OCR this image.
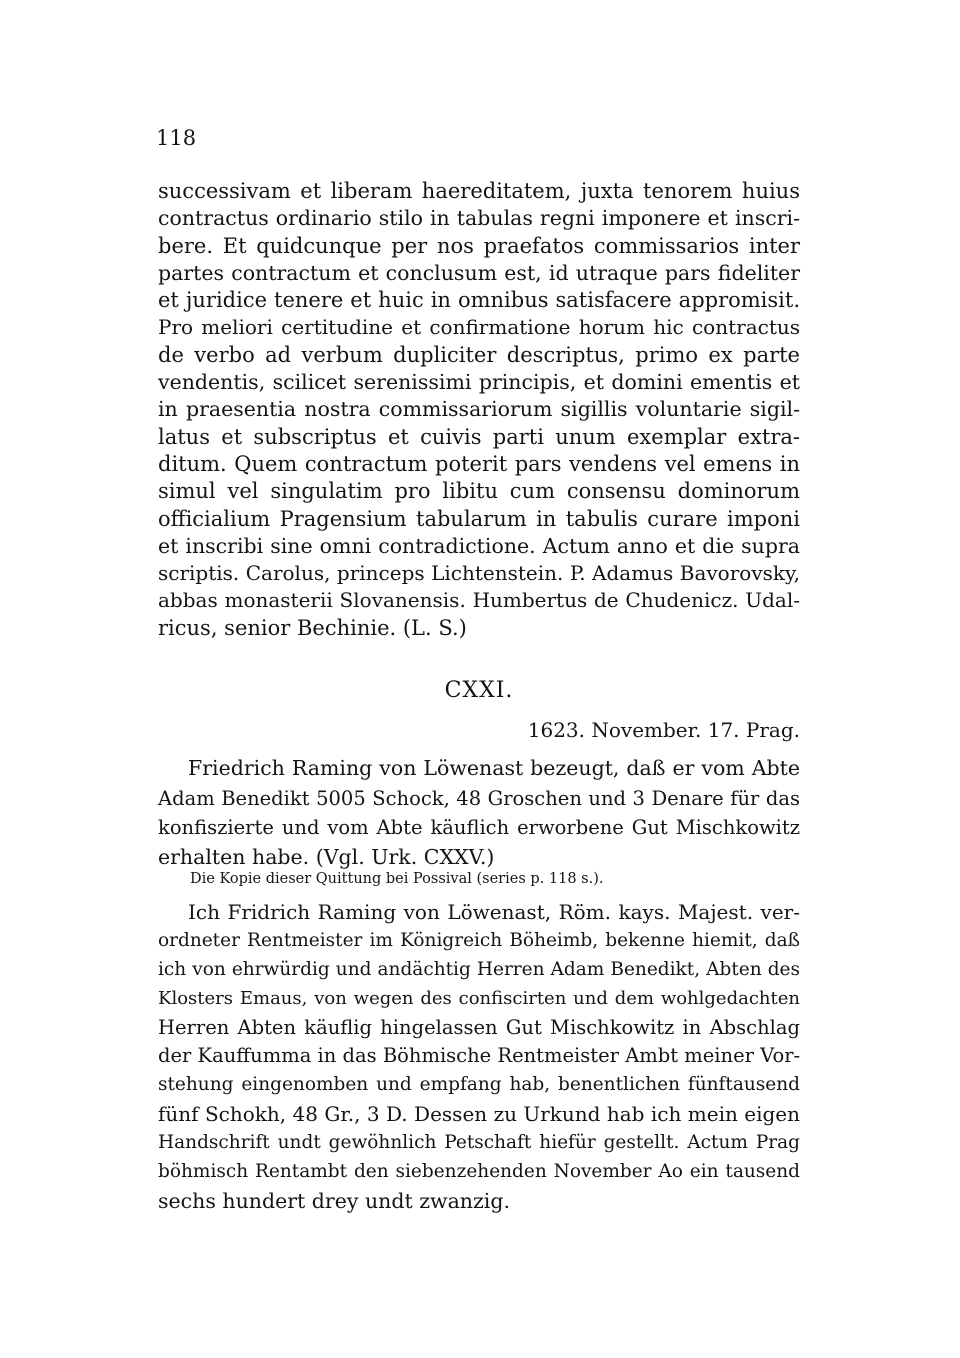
118
successivam et liberam haereditatem, juxta tenorem huius
contractus ordinario stilo in tabulas regni imponere et inscri-
bere. Et quidcunque per nos praefatos commissarios inter
partes contractum et conclusum est, id utraque pars fideliter
et juridice tenere et huic in omnibus satisfacere appromisit.
Pro meliori certitudine et confirmatione horum hic contractus
de verbo ad verbum dupliciter descriptus, primo ex parte
vendentis, scilicet serenissimi principis, et domini ementis et
in praesentia nostra commissariorum sigillis voluntarie sigil-
latus et subscriptus et cuivis parti unum exemplar extra-
ditum. Quem contractum poterit pars vendens vel emens in
simul vel singulatim pro libitu cum consensu dominorum
officialium Pragensium tabularum in tabulis curare imponi
et inscribi sine omni contradictione. Actum anno et die supra
scriptis. Carolus, princeps Lichtenstein. P. Adamus Bavorovsky,
abbas monasterii Slovanensis. Humbertus de Chudenicz. Udal-
ricus, senior Bechinie. (L. S.)
CXXI.
1623. November. 17. Prag.
Friedrich Raming von Löwenast bezeugt, daß er vom Abte
Adam Benedikt 5005 Schock, 48 Groschen und 3 Denare für das
konfiszierte und vom Abte käuflich erworbene Gut Mischkowitz
erhalten habe. (Vgl. Urk. CXXV.)
Die Kopie dieser Quittung bei Possival (series p. 118 s.).
Ich Fridrich Raming von Löwenast, Röm. kays. Majest. ver-
ordneter Rentmeister im Königreich Böheimb, bekenne hiemit, daß
ich von ehrwürdig und andächtig Herren Adam Benedikt, Abten des
Klosters Emaus, von wegen des confiscirten und dem wohlgedachten
Herren Abten käuflig hingelassen Gut Mischkowitz in Abschlag
der Kauffumma in das Böhmische Rentmeister Ambt meiner Vor-
stehung eingenomben und empfang hab, benentlichen fünftausend
fünf Schokh, 48 Gr., 3 D. Dessen zu Urkund hab ich mein eigen
Handschrift undt gewöhnlich Petschaft hiefür gestellt. Actum Prag
böhmisch Rentambt den siebenzehenden November Ao ein tausend
sechs hundert drey undt zwanzig.
